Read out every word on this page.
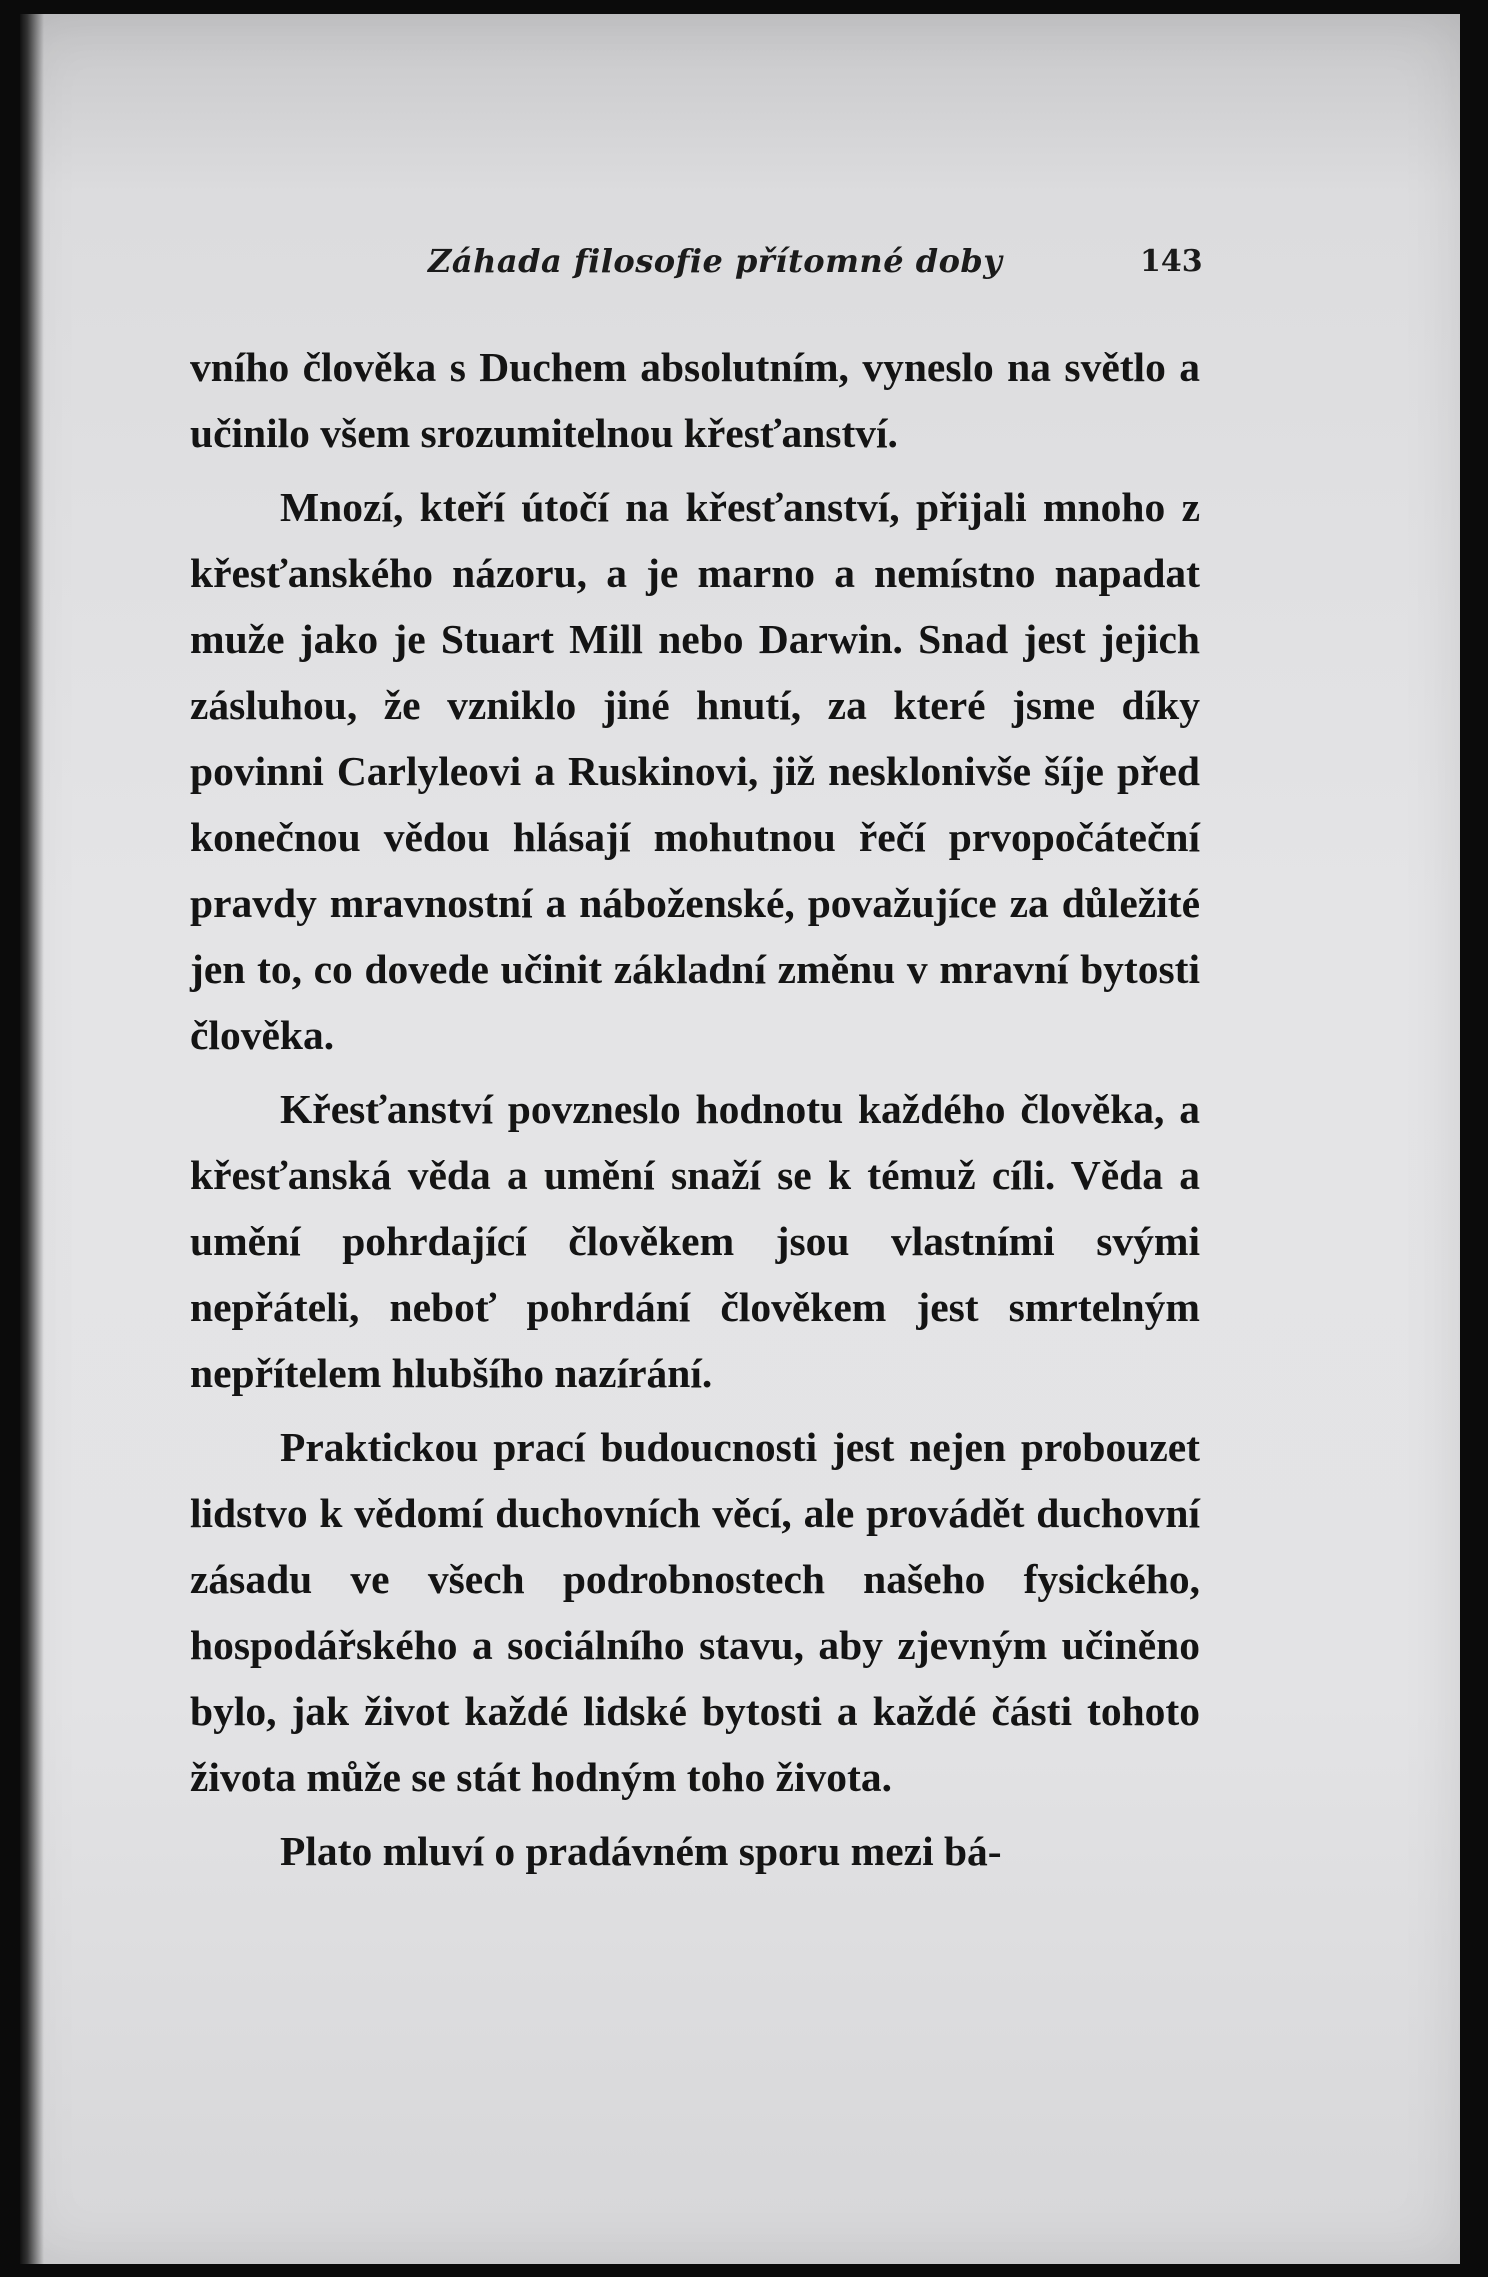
Záhada filosofie přítomné doby	143

vního člověka s Duchem absolutním, vyneslo na světlo a učinilo všem srozumitelnou křesťanství.

Mnozí, kteří útočí na křesťanství, přijali mnoho z křesťanského názoru, a je marno a nemístno napadat muže jako je Stuart Mill nebo Darwin. Snad jest jejich zásluhou, že vzniklo jiné hnutí, za které jsme díky povinni Carlyleovi a Ruskinovi, již nesklonivše šíje před konečnou vědou hlásají mohutnou řečí prvopočáteční pravdy mravnostní a náboženské, považujíce za důležité jen to, co dovede učinit základní změnu v mravní bytosti člověka.

Křesťanství povzneslo hodnotu každého člověka, a křesťanská věda a umění snaží se k témuž cíli. Věda a umění pohrdající člověkem jsou vlastními svými nepřáteli, neboť pohrdání člověkem jest smrtelným nepřítelem hlubšího nazírání.

Praktickou prací budoucnosti jest nejen probouzet lidstvo k vědomí duchovních věcí, ale provádět duchovní zásadu ve všech podrobnostech našeho fysického, hospodářského a sociálního stavu, aby zjevným učiněno bylo, jak život každé lidské bytosti a každé části tohoto života může se stát hodným toho života.

Plato mluví o pradávném sporu mezi bá-
